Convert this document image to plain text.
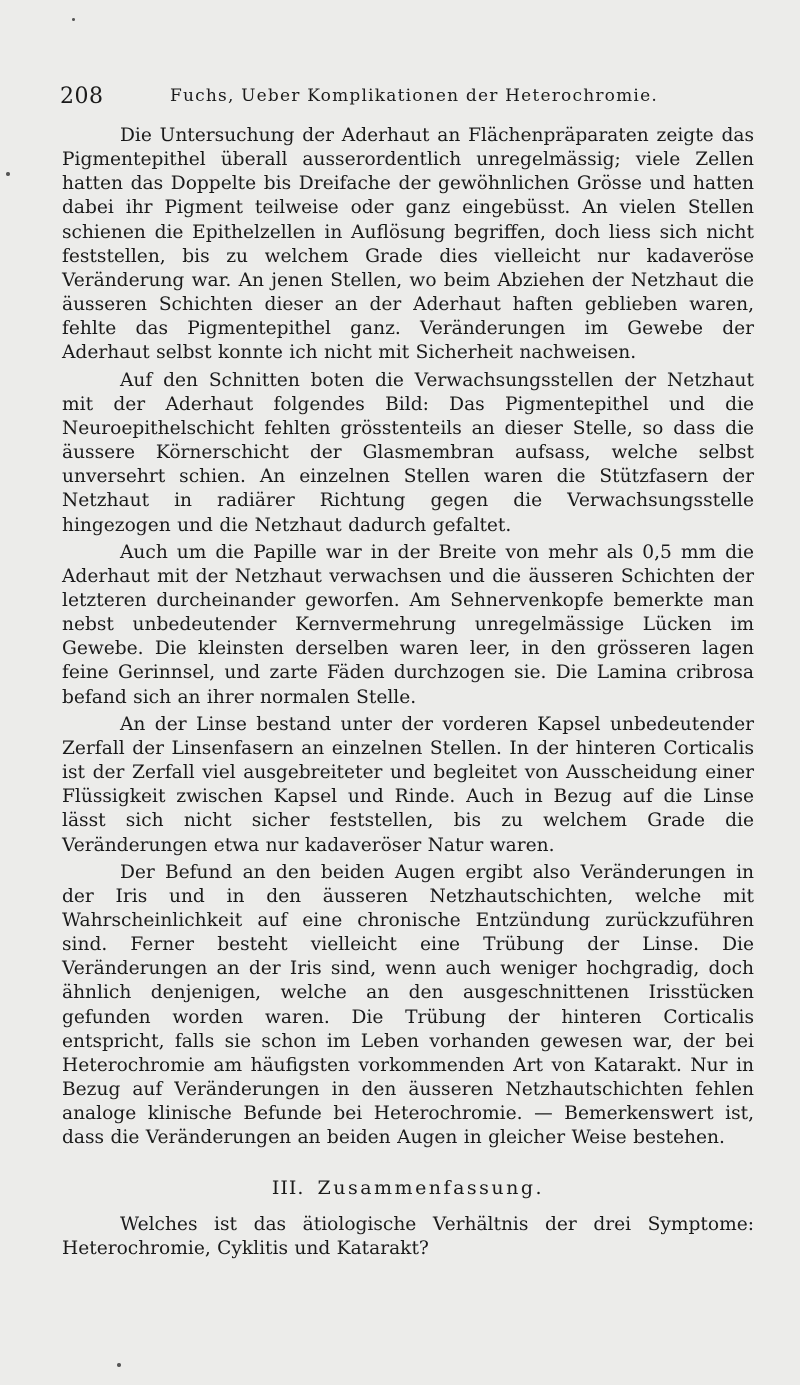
208	Fuchs, Ueber Komplikationen der Heterochromie.

Die Untersuchung der Aderhaut an Flächenpräparaten zeigte das Pigmentepithel überall ausserordentlich unregelmässig; viele Zellen hatten das Doppelte bis Dreifache der gewöhnlichen Grösse und hatten dabei ihr Pigment teilweise oder ganz eingebüsst. An vielen Stellen schienen die Epithelzellen in Auflösung begriffen, doch liess sich nicht feststellen, bis zu welchem Grade dies vielleicht nur kadaveröse Veränderung war. An jenen Stellen, wo beim Abziehen der Netzhaut die äusseren Schichten dieser an der Aderhaut haften geblieben waren, fehlte das Pigmentepithel ganz. Veränderungen im Gewebe der Aderhaut selbst konnte ich nicht mit Sicherheit nachweisen.

Auf den Schnitten boten die Verwachsungsstellen der Netzhaut mit der Aderhaut folgendes Bild: Das Pigmentepithel und die Neuroepithelschicht fehlten grösstenteils an dieser Stelle, so dass die äussere Körnerschicht der Glasmembran aufsass, welche selbst unversehrt schien. An einzelnen Stellen waren die Stützfasern der Netzhaut in radiärer Richtung gegen die Verwachsungsstelle hingezogen und die Netzhaut dadurch gefaltet.

Auch um die Papille war in der Breite von mehr als 0,5 mm die Aderhaut mit der Netzhaut verwachsen und die äusseren Schichten der letzteren durcheinander geworfen. Am Sehnervenkopfe bemerkte man nebst unbedeutender Kernvermehrung unregelmässige Lücken im Gewebe. Die kleinsten derselben waren leer, in den grösseren lagen feine Gerinnsel, und zarte Fäden durchzogen sie. Die Lamina cribrosa befand sich an ihrer normalen Stelle.

An der Linse bestand unter der vorderen Kapsel unbedeutender Zerfall der Linsenfasern an einzelnen Stellen. In der hinteren Corticalis ist der Zerfall viel ausgebreiteter und begleitet von Ausscheidung einer Flüssigkeit zwischen Kapsel und Rinde. Auch in Bezug auf die Linse lässt sich nicht sicher feststellen, bis zu welchem Grade die Veränderungen etwa nur kadaveröser Natur waren.

Der Befund an den beiden Augen ergibt also Veränderungen in der Iris und in den äusseren Netzhautschichten, welche mit Wahrscheinlichkeit auf eine chronische Entzündung zurückzuführen sind. Ferner besteht vielleicht eine Trübung der Linse. Die Veränderungen an der Iris sind, wenn auch weniger hochgradig, doch ähnlich denjenigen, welche an den ausgeschnittenen Irisstücken gefunden worden waren. Die Trübung der hinteren Corticalis entspricht, falls sie schon im Leben vorhanden gewesen war, der bei Heterochromie am häufigsten vorkommenden Art von Katarakt. Nur in Bezug auf Veränderungen in den äusseren Netzhautschichten fehlen analoge klinische Befunde bei Heterochromie. — Bemerkenswert ist, dass die Veränderungen an beiden Augen in gleicher Weise bestehen.

III. Zusammenfassung.

Welches ist das ätiologische Verhältnis der drei Symptome: Heterochromie, Cyklitis und Katarakt?
